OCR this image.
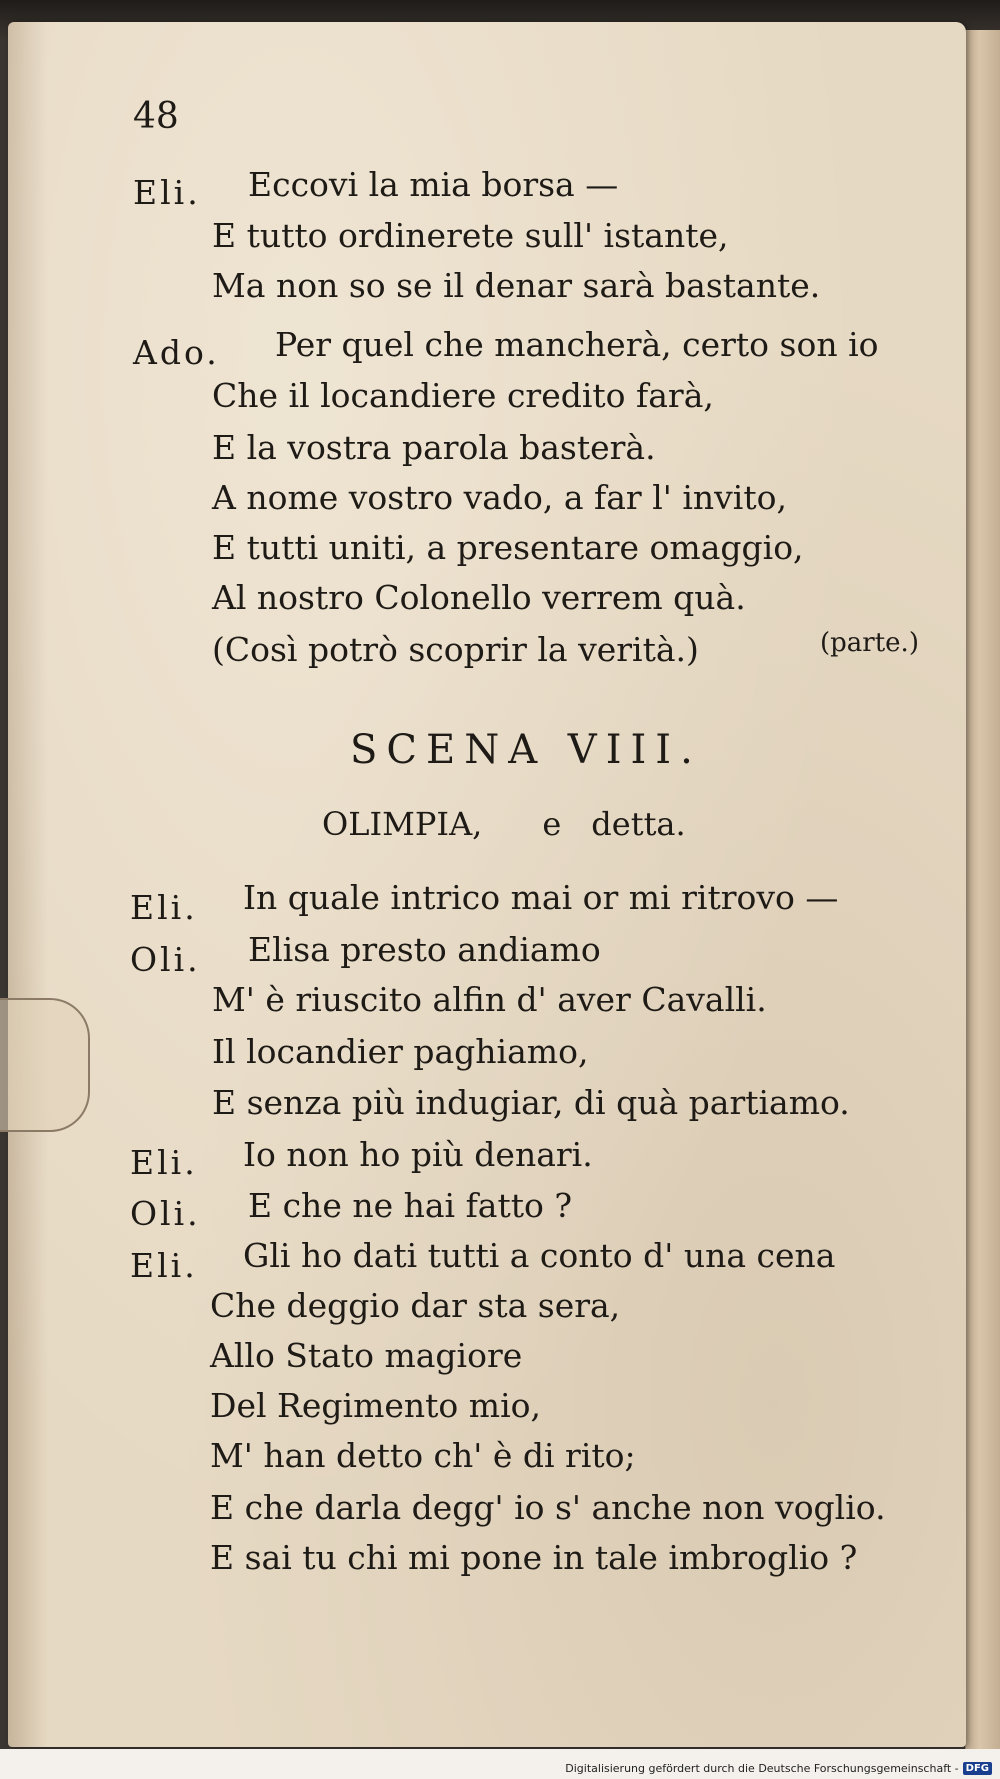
48
Eli. Eccovi la mia borsa —
E tutto ordinerete sull' istante,
Ma non so se il denar sarà bastante.
Ado. Per quel che mancherà, certo son io
Che il locandiere credito farà,
E la vostra parola basterà.
A nome vostro vado, a far l' invito,
E tutti uniti, a presentare omaggio,
Al nostro Colonello verrem quà.
(Così potrò scoprir la verità.)	(parte.)
SCENA VIII.
OLIMPIA, e detta.
Eli. In quale intrico mai or mi ritrovo —
Oli. Elisa presto andiamo
M' è riuscito alfin d' aver Cavalli.
Il locandier paghiamo,
E senza più indugiar, di quà partiamo.
Eli. Io non ho più denari.
Oli. E che ne hai fatto ?
Eli. Gli ho dati tutti a conto d' una cena
Che deggio dar sta sera,
Allo Stato magiore
Del Regimento mio,
M' han detto ch' è di rito;
E che darla degg' io s' anche non voglio.
E sai tu chi mi pone in tale imbroglio ?
Digitalisierung gefördert durch die Deutsche Forschungsgemeinschaft - DFG
